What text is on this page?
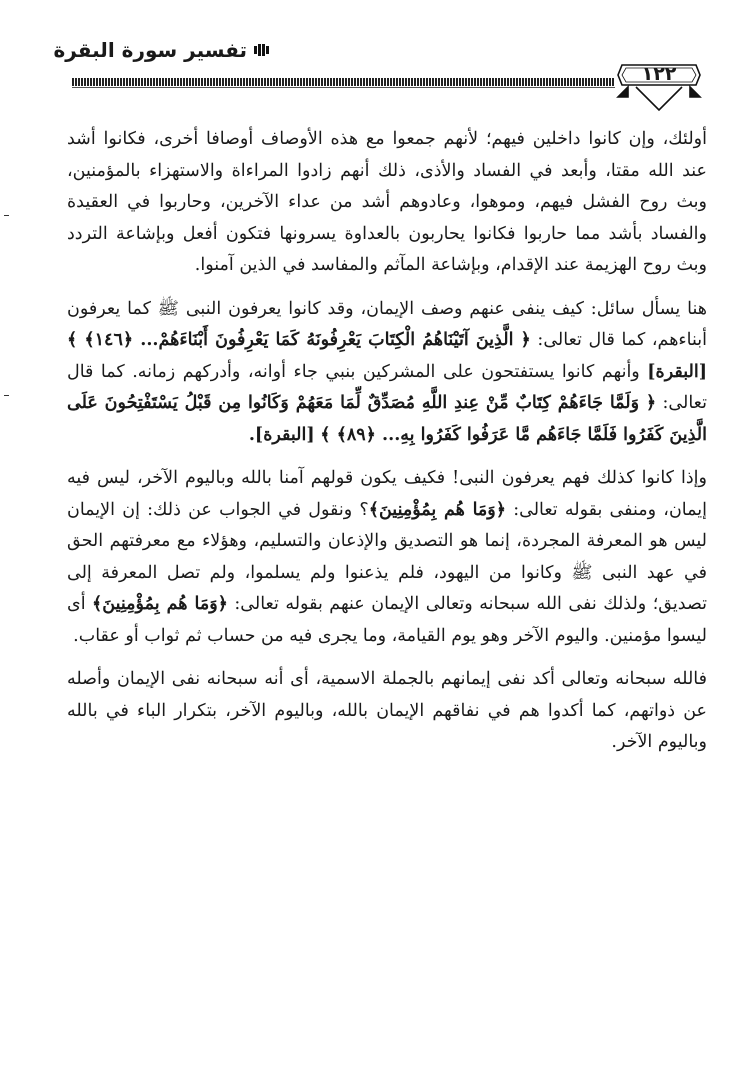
تفسير سورة البقرة
١٢٢

أولئك، وإن كانوا داخلين فيهم؛ لأنهم جمعوا مع هذه الأوصاف أوصافا أخرى، فكانوا أشد عند الله مقتا، وأبعد في الفساد والأذى، ذلك أنهم زادوا المراءاة والاستهزاء بالمؤمنين، وبث روح الفشل فيهم، وموهوا، وعادوهم أشد من عداء الآخرين، وحاربوا في العقيدة والفساد بأشد مما حاربوا فكانوا يحاربون بالعداوة يسرونها فتكون أفعل وبإشاعة التردد وبث روح الهزيمة عند الإقدام، وبإشاعة المآثم والمفاسد في الذين آمنوا.

هنا يسأل سائل: كيف ينفى عنهم وصف الإيمان، وقد كانوا يعرفون النبى ﷺ كما يعرفون أبناءهم، كما قال تعالى: ﴿ الَّذِينَ آتَيْنَاهُمُ الْكِتَابَ يَعْرِفُونَهُ كَمَا يَعْرِفُونَ أَبْنَاءَهُمْ... ﴿١٤٦﴾ ﴾ [البقرة] وأنهم كانوا يستفتحون على المشركين بنبي جاء أوانه، وأدركهم زمانه. كما قال تعالى: ﴿ وَلَمَّا جَاءَهُمْ كِتَابٌ مِّنْ عِندِ اللَّهِ مُصَدِّقٌ لِّمَا مَعَهُمْ وَكَانُوا مِن قَبْلُ يَسْتَفْتِحُونَ عَلَى الَّذِينَ كَفَرُوا فَلَمَّا جَاءَهُم مَّا عَرَفُوا كَفَرُوا بِهِ... ﴿٨٩﴾ ﴾ [البقرة].

وإذا كانوا كذلك فهم يعرفون النبى! فكيف يكون قولهم آمنا بالله وباليوم الآخر، ليس فيه إيمان، ومنفى بقوله تعالى: ﴿وَمَا هُم بِمُؤْمِنِينَ﴾؟ ونقول في الجواب عن ذلك: إن الإيمان ليس هو المعرفة المجردة، إنما هو التصديق والإذعان والتسليم، وهؤلاء مع معرفتهم الحق في عهد النبى ﷺ وكانوا من اليهود، فلم يذعنوا ولم يسلموا، ولم تصل المعرفة إلى تصديق؛ ولذلك نفى الله سبحانه وتعالى الإيمان عنهم بقوله تعالى: ﴿وَمَا هُم بِمُؤْمِنِينَ﴾ أى ليسوا مؤمنين. واليوم الآخر وهو يوم القيامة، وما يجرى فيه من حساب ثم ثواب أو عقاب.

فالله سبحانه وتعالى أكد نفى إيمانهم بالجملة الاسمية، أى أنه سبحانه نفى الإيمان وأصله عن ذواتهم، كما أكدوا هم في نفاقهم الإيمان بالله، وباليوم الآخر، بتكرار الباء في بالله وباليوم الآخر.
